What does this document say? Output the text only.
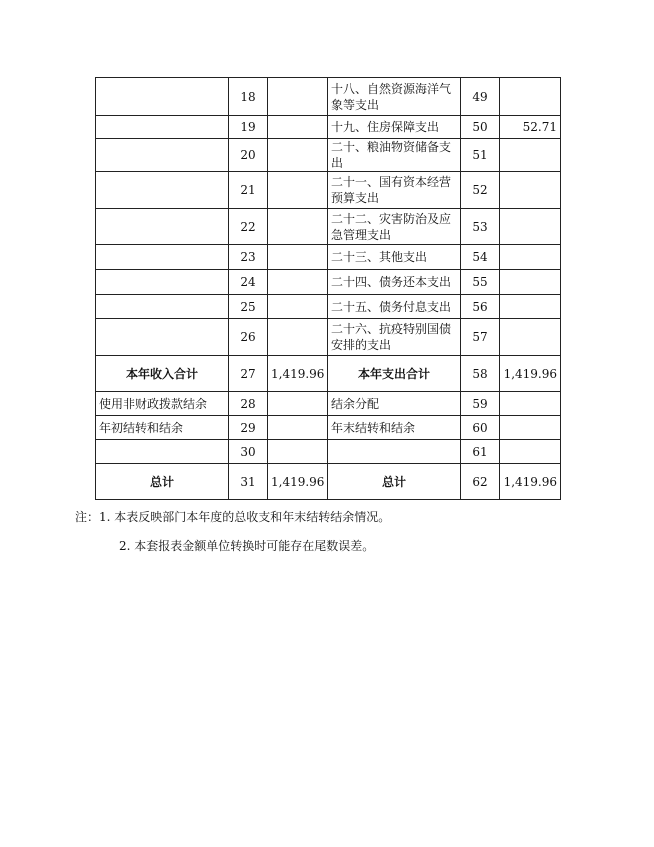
	18		十八、自然资源海洋气象等支出	49	
	19		十九、住房保障支出	50	52.71
	20		二十、粮油物资储备支出	51	
	21		二十一、国有资本经营预算支出	52	
	22		二十二、灾害防治及应急管理支出	53	
	23		二十三、其他支出	54	
	24		二十四、债务还本支出	55	
	25		二十五、债务付息支出	56	
	26		二十六、抗疫特别国债安排的支出	57	
本年收入合计	27	1,419.96	本年支出合计	58	1,419.96
使用非财政拨款结余	28		结余分配	59	
年初结转和结余	29		年末结转和结余	60	
	30			61	
总计	31	1,419.96	总计	62	1,419.96
注：1. 本表反映部门本年度的总收支和年末结转结余情况。
2. 本套报表金额单位转换时可能存在尾数误差。
